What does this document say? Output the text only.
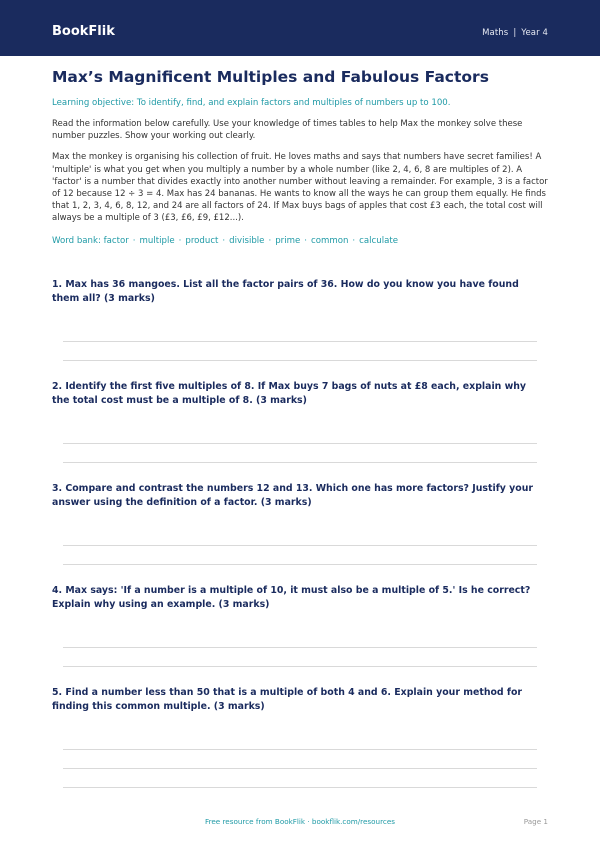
BookFlik	Maths | Year 4
Max’s Magnificent Multiples and Fabulous Factors
Learning objective: To identify, find, and explain factors and multiples of numbers up to 100.
Read the information below carefully. Use your knowledge of times tables to help Max the monkey solve these number puzzles. Show your working out clearly.
Max the monkey is organising his collection of fruit. He loves maths and says that numbers have secret families! A 'multiple' is what you get when you multiply a number by a whole number (like 2, 4, 6, 8 are multiples of 2). A 'factor' is a number that divides exactly into another number without leaving a remainder. For example, 3 is a factor of 12 because 12 ÷ 3 = 4. Max has 24 bananas. He wants to know all the ways he can group them equally. He finds that 1, 2, 3, 4, 6, 8, 12, and 24 are all factors of 24. If Max buys bags of apples that cost £3 each, the total cost will always be a multiple of 3 (£3, £6, £9, £12...).
Word bank: factor · multiple · product · divisible · prime · common · calculate
1. Max has 36 mangoes. List all the factor pairs of 36. How do you know you have found them all? (3 marks)
2. Identify the first five multiples of 8. If Max buys 7 bags of nuts at £8 each, explain why the total cost must be a multiple of 8. (3 marks)
3. Compare and contrast the numbers 12 and 13. Which one has more factors? Justify your answer using the definition of a factor. (3 marks)
4. Max says: 'If a number is a multiple of 10, it must also be a multiple of 5.' Is he correct? Explain why using an example. (3 marks)
5. Find a number less than 50 that is a multiple of both 4 and 6. Explain your method for finding this common multiple. (3 marks)
Free resource from BookFlik · bookflik.com/resources	Page 1
